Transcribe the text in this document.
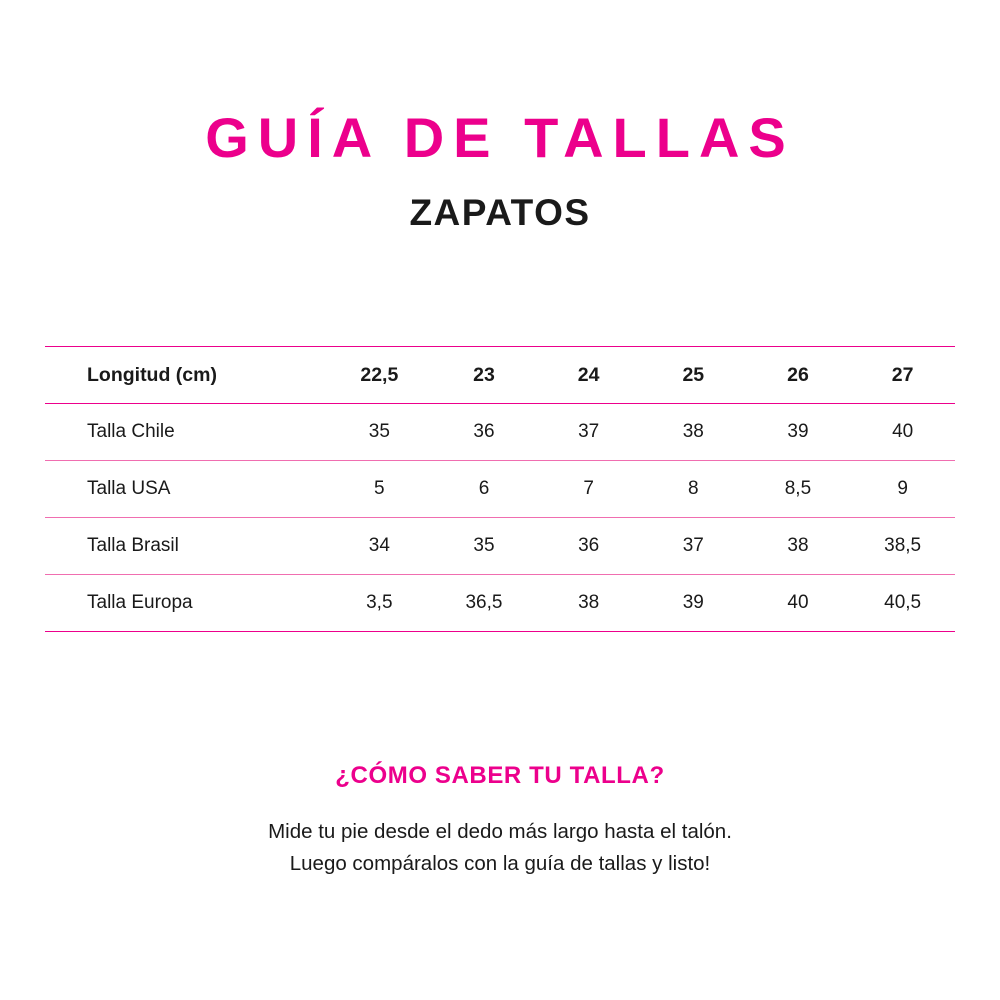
GUÍA DE TALLAS
ZAPATOS
Longitud (cm)	22,5	23	24	25	26	27
Talla Chile	35	36	37	38	39	40
Talla USA	5	6	7	8	8,5	9
Talla Brasil	34	35	36	37	38	38,5
Talla Europa	3,5	36,5	38	39	40	40,5
¿CÓMO SABER TU TALLA?
Mide tu pie desde el dedo más largo hasta el talón.
Luego compáralos con la guía de tallas y listo!
